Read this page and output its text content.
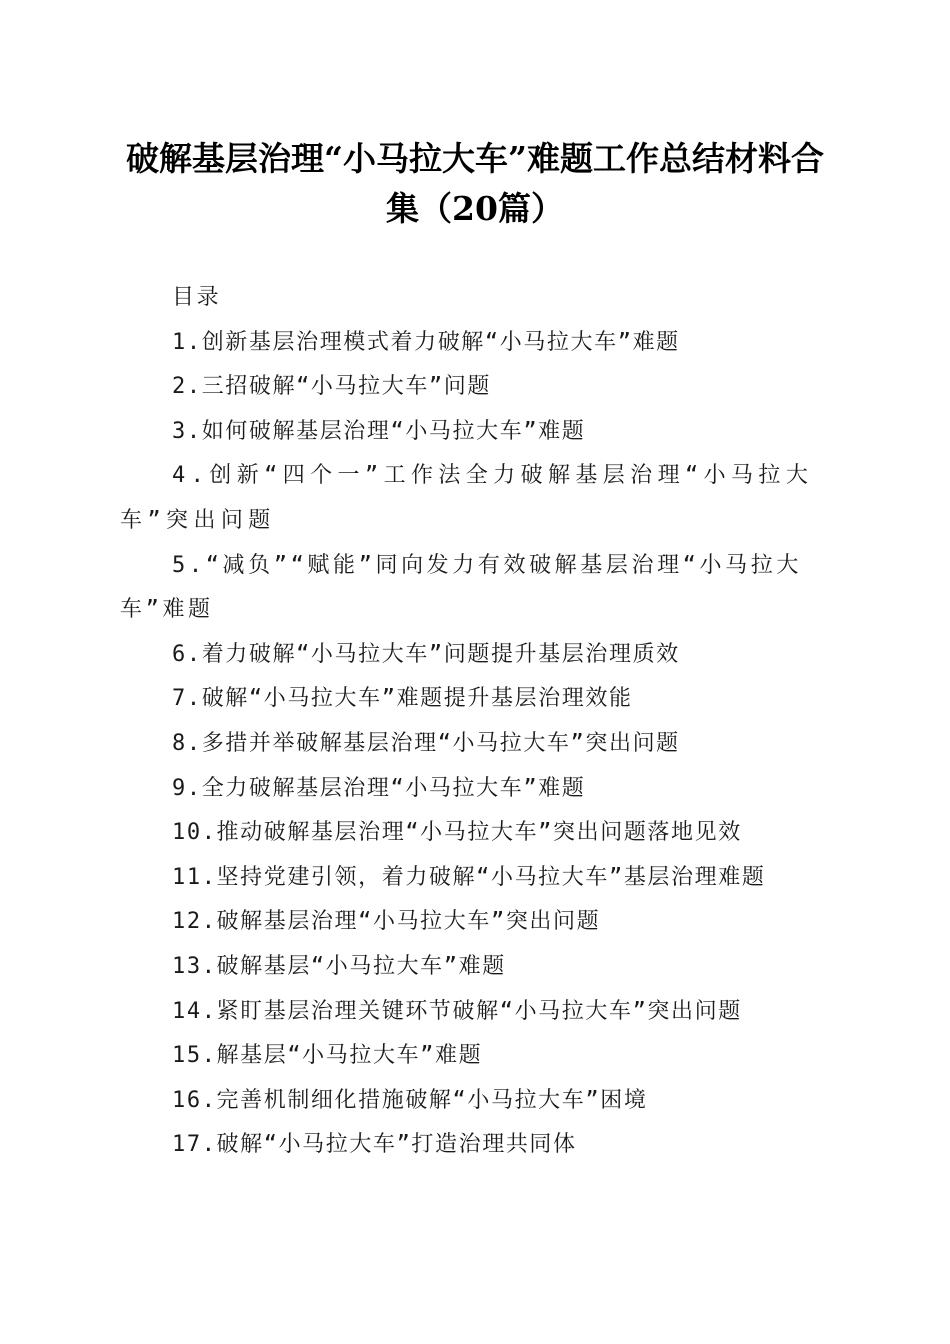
破解基层治理“小马拉大车”难题工作总结材料合集（20篇）

目录

1.创新基层治理模式着力破解“小马拉大车”难题

2.三招破解“小马拉大车”问题

3.如何破解基层治理“小马拉大车”难题

4.创新“四个一”工作法全力破解基层治理“小马拉大车”突出问题

5.“减负”“赋能”同向发力有效破解基层治理“小马拉大车”难题

6.着力破解“小马拉大车”问题提升基层治理质效

7.破解“小马拉大车”难题提升基层治理效能

8.多措并举破解基层治理“小马拉大车”突出问题

9.全力破解基层治理“小马拉大车”难题

10.推动破解基层治理“小马拉大车”突出问题落地见效

11.坚持党建引领，着力破解“小马拉大车”基层治理难题

12.破解基层治理“小马拉大车”突出问题

13.破解基层“小马拉大车”难题

14.紧盯基层治理关键环节破解“小马拉大车”突出问题

15.解基层“小马拉大车”难题

16.完善机制细化措施破解“小马拉大车”困境

17.破解“小马拉大车”打造治理共同体
